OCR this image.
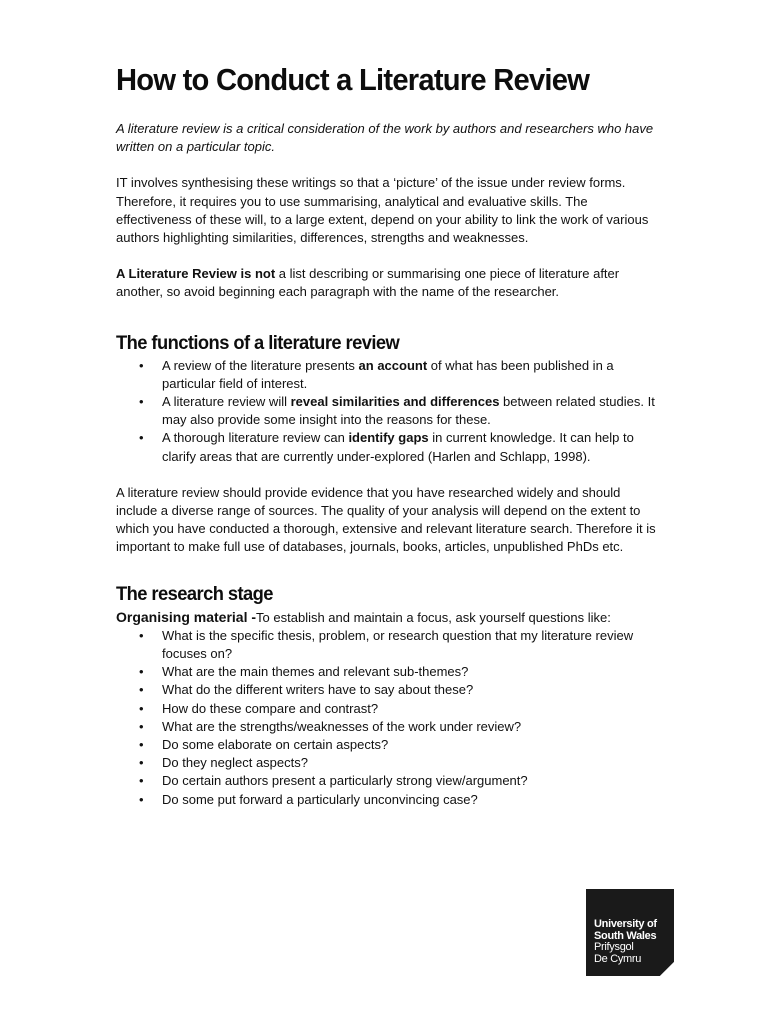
How to Conduct a Literature Review

A literature review is a critical consideration of the work by authors and researchers who have written on a particular topic.

IT involves synthesising these writings so that a ‘picture’ of the issue under review forms. Therefore, it requires you to use summarising, analytical and evaluative skills. The effectiveness of these will, to a large extent, depend on your ability to link the work of various authors highlighting similarities, differences, strengths and weaknesses.

A Literature Review is not a list describing or summarising one piece of literature after another, so avoid beginning each paragraph with the name of the researcher.

The functions of a literature review
• A review of the literature presents an account of what has been published in a particular field of interest.
• A literature review will reveal similarities and differences between related studies. It may also provide some insight into the reasons for these.
• A thorough literature review can identify gaps in current knowledge. It can help to clarify areas that are currently under-explored (Harlen and Schlapp, 1998).

A literature review should provide evidence that you have researched widely and should include a diverse range of sources. The quality of your analysis will depend on the extent to which you have conducted a thorough, extensive and relevant literature search. Therefore it is important to make full use of databases, journals, books, articles, unpublished PhDs etc.

The research stage
Organising material -To establish and maintain a focus, ask yourself questions like:
• What is the specific thesis, problem, or research question that my literature review focuses on?
• What are the main themes and relevant sub-themes?
• What do the different writers have to say about these?
• How do these compare and contrast?
• What are the strengths/weaknesses of the work under review?
• Do some elaborate on certain aspects?
• Do they neglect aspects?
• Do certain authors present a particularly strong view/argument?
• Do some put forward a particularly unconvincing case?
University of
South Wales
Prifysgol
De Cymru
